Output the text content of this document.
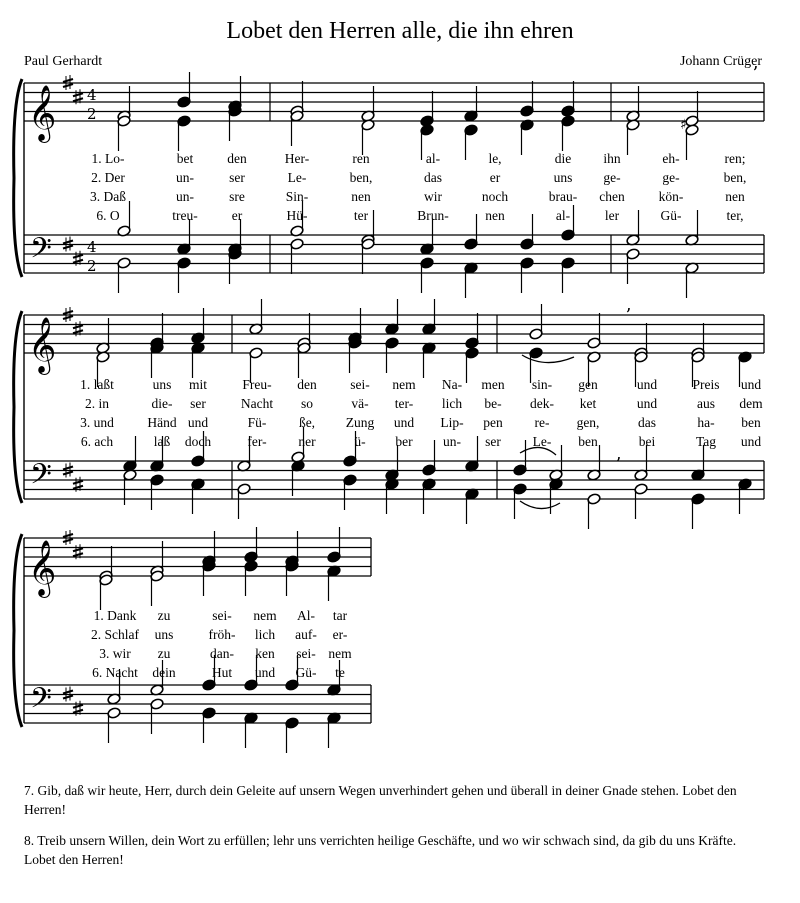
Lobet den Herren alle, die ihn ehren
Paul Gerhardt	Johann Crüger
𝄞
𝄢
4
2
4
2
𝄞
𝄢
𝄞
𝄢
♯
ʼ
ʼ
ʼ
1. Lo-	bet	den	Her-	ren	al-	le,	die ihn	eh-	ren;
2. Der	un-	ser	Le-	ben,	das	er	uns ge-	ge-	ben,
3. Daß	un-	sre	Sin-	nen	wir	noch	brau- chen	kön-	nen
6. O	treu-	er	Hü-	ter	Brun-	nen	al-	ler	Gü-	ter,
1. laßt	uns mit	Freu- den sei- nem Na- men sin- gen	und	Preis und
2. in	die- ser	Nacht so	vä- ter- lich be- dek- ket	und	aus dem
3. und Händ und	Fü- ße, Zung und Lip- pen re- gen,	das	ha- ben
6. ach	laß doch	fer- ner	ü- ber un- ser Le- ben	bei	Tag und
1. Dank zu	sei- nem Al- tar
2. Schlaf uns	fröh- lich auf- er-
3. wir zu	dan- ken sei- nem
6. Nacht dein	Hut und Gü- te
7. Gib, daß wir heute, Herr, durch dein Geleite auf unsern Wegen unverhindert gehen und überall in deiner Gnade stehen. Lobet den Herren!
8. Treib unsern Willen, dein Wort zu erfüllen; lehr uns verrichten heilige Geschäfte, und wo wir schwach sind, da gib du uns Kräfte. Lobet den Herren!
